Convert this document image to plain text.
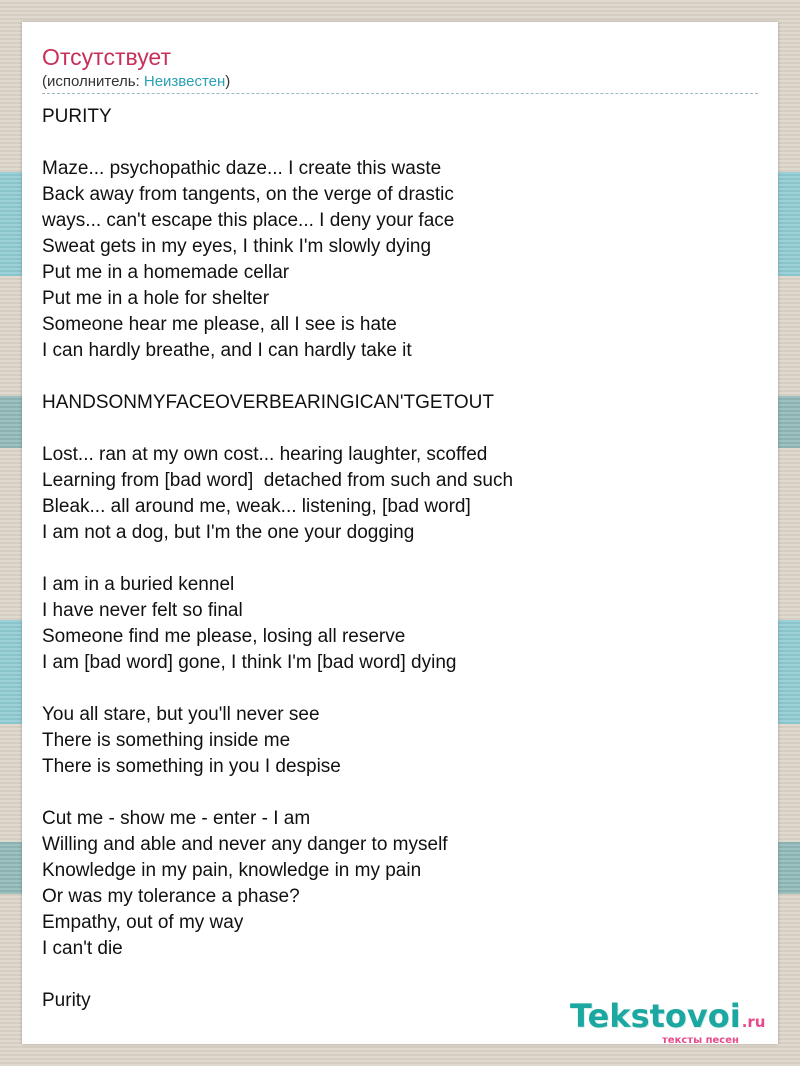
Отсутствует
(исполнитель: Неизвестен)
PURITY
Maze... psychopathic daze... I create this waste
Back away from tangents, on the verge of drastic
ways... can't escape this place... I deny your face
Sweat gets in my eyes, I think I'm slowly dying
Put me in a homemade cellar
Put me in a hole for shelter
Someone hear me please, all I see is hate
I can hardly breathe, and I can hardly take it
HANDSONMYFACEOVERBEARINGICAN'TGETOUT
Lost... ran at my own cost... hearing laughter, scoffed
Learning from [bad word]  detached from such and such
Bleak... all around me, weak... listening, [bad word]
I am not a dog, but I'm the one your dogging
I am in a buried kennel
I have never felt so final
Someone find me please, losing all reserve
I am [bad word] gone, I think I'm [bad word] dying
You all stare, but you'll never see
There is something inside me
There is something in you I despise
Cut me - show me - enter - I am
Willing and able and never any danger to myself
Knowledge in my pain, knowledge in my pain
Or was my tolerance a phase?
Empathy, out of my way
I can't die
Purity	Tekstovoi.ru
тексты песен
